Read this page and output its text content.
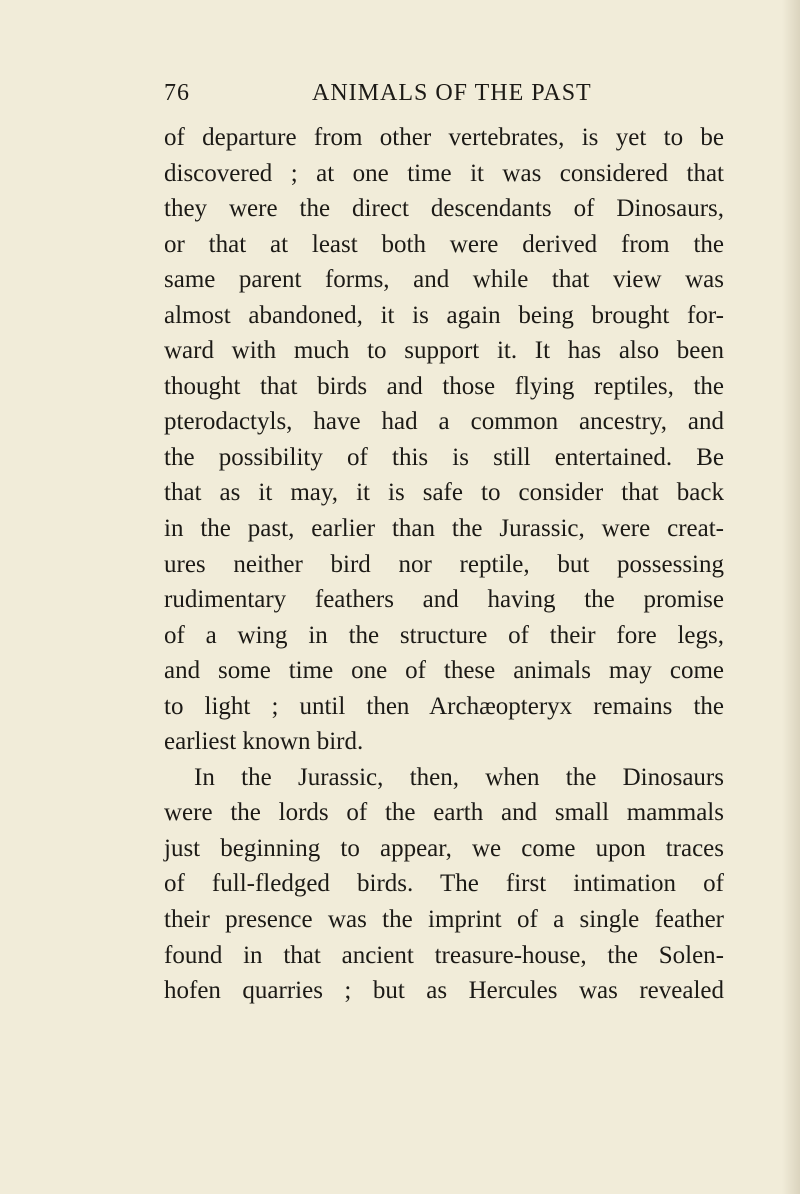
76	ANIMALS OF THE PAST
of departure from other vertebrates, is yet to be
discovered ; at one time it was considered that
they were the direct descendants of Dinosaurs,
or that at least both were derived from the
same parent forms, and while that view was
almost abandoned, it is again being brought for-
ward with much to support it. It has also been
thought that birds and those flying reptiles, the
pterodactyls, have had a common ancestry, and
the possibility of this is still entertained. Be
that as it may, it is safe to consider that back
in the past, earlier than the Jurassic, were creat-
ures neither bird nor reptile, but possessing
rudimentary feathers and having the promise
of a wing in the structure of their fore legs,
and some time one of these animals may come
to light ; until then Archæopteryx remains the
earliest known bird.
In the Jurassic, then, when the Dinosaurs
were the lords of the earth and small mammals
just beginning to appear, we come upon traces
of full-fledged birds. The first intimation of
their presence was the imprint of a single feather
found in that ancient treasure-house, the Solen-
hofen quarries ; but as Hercules was revealed
